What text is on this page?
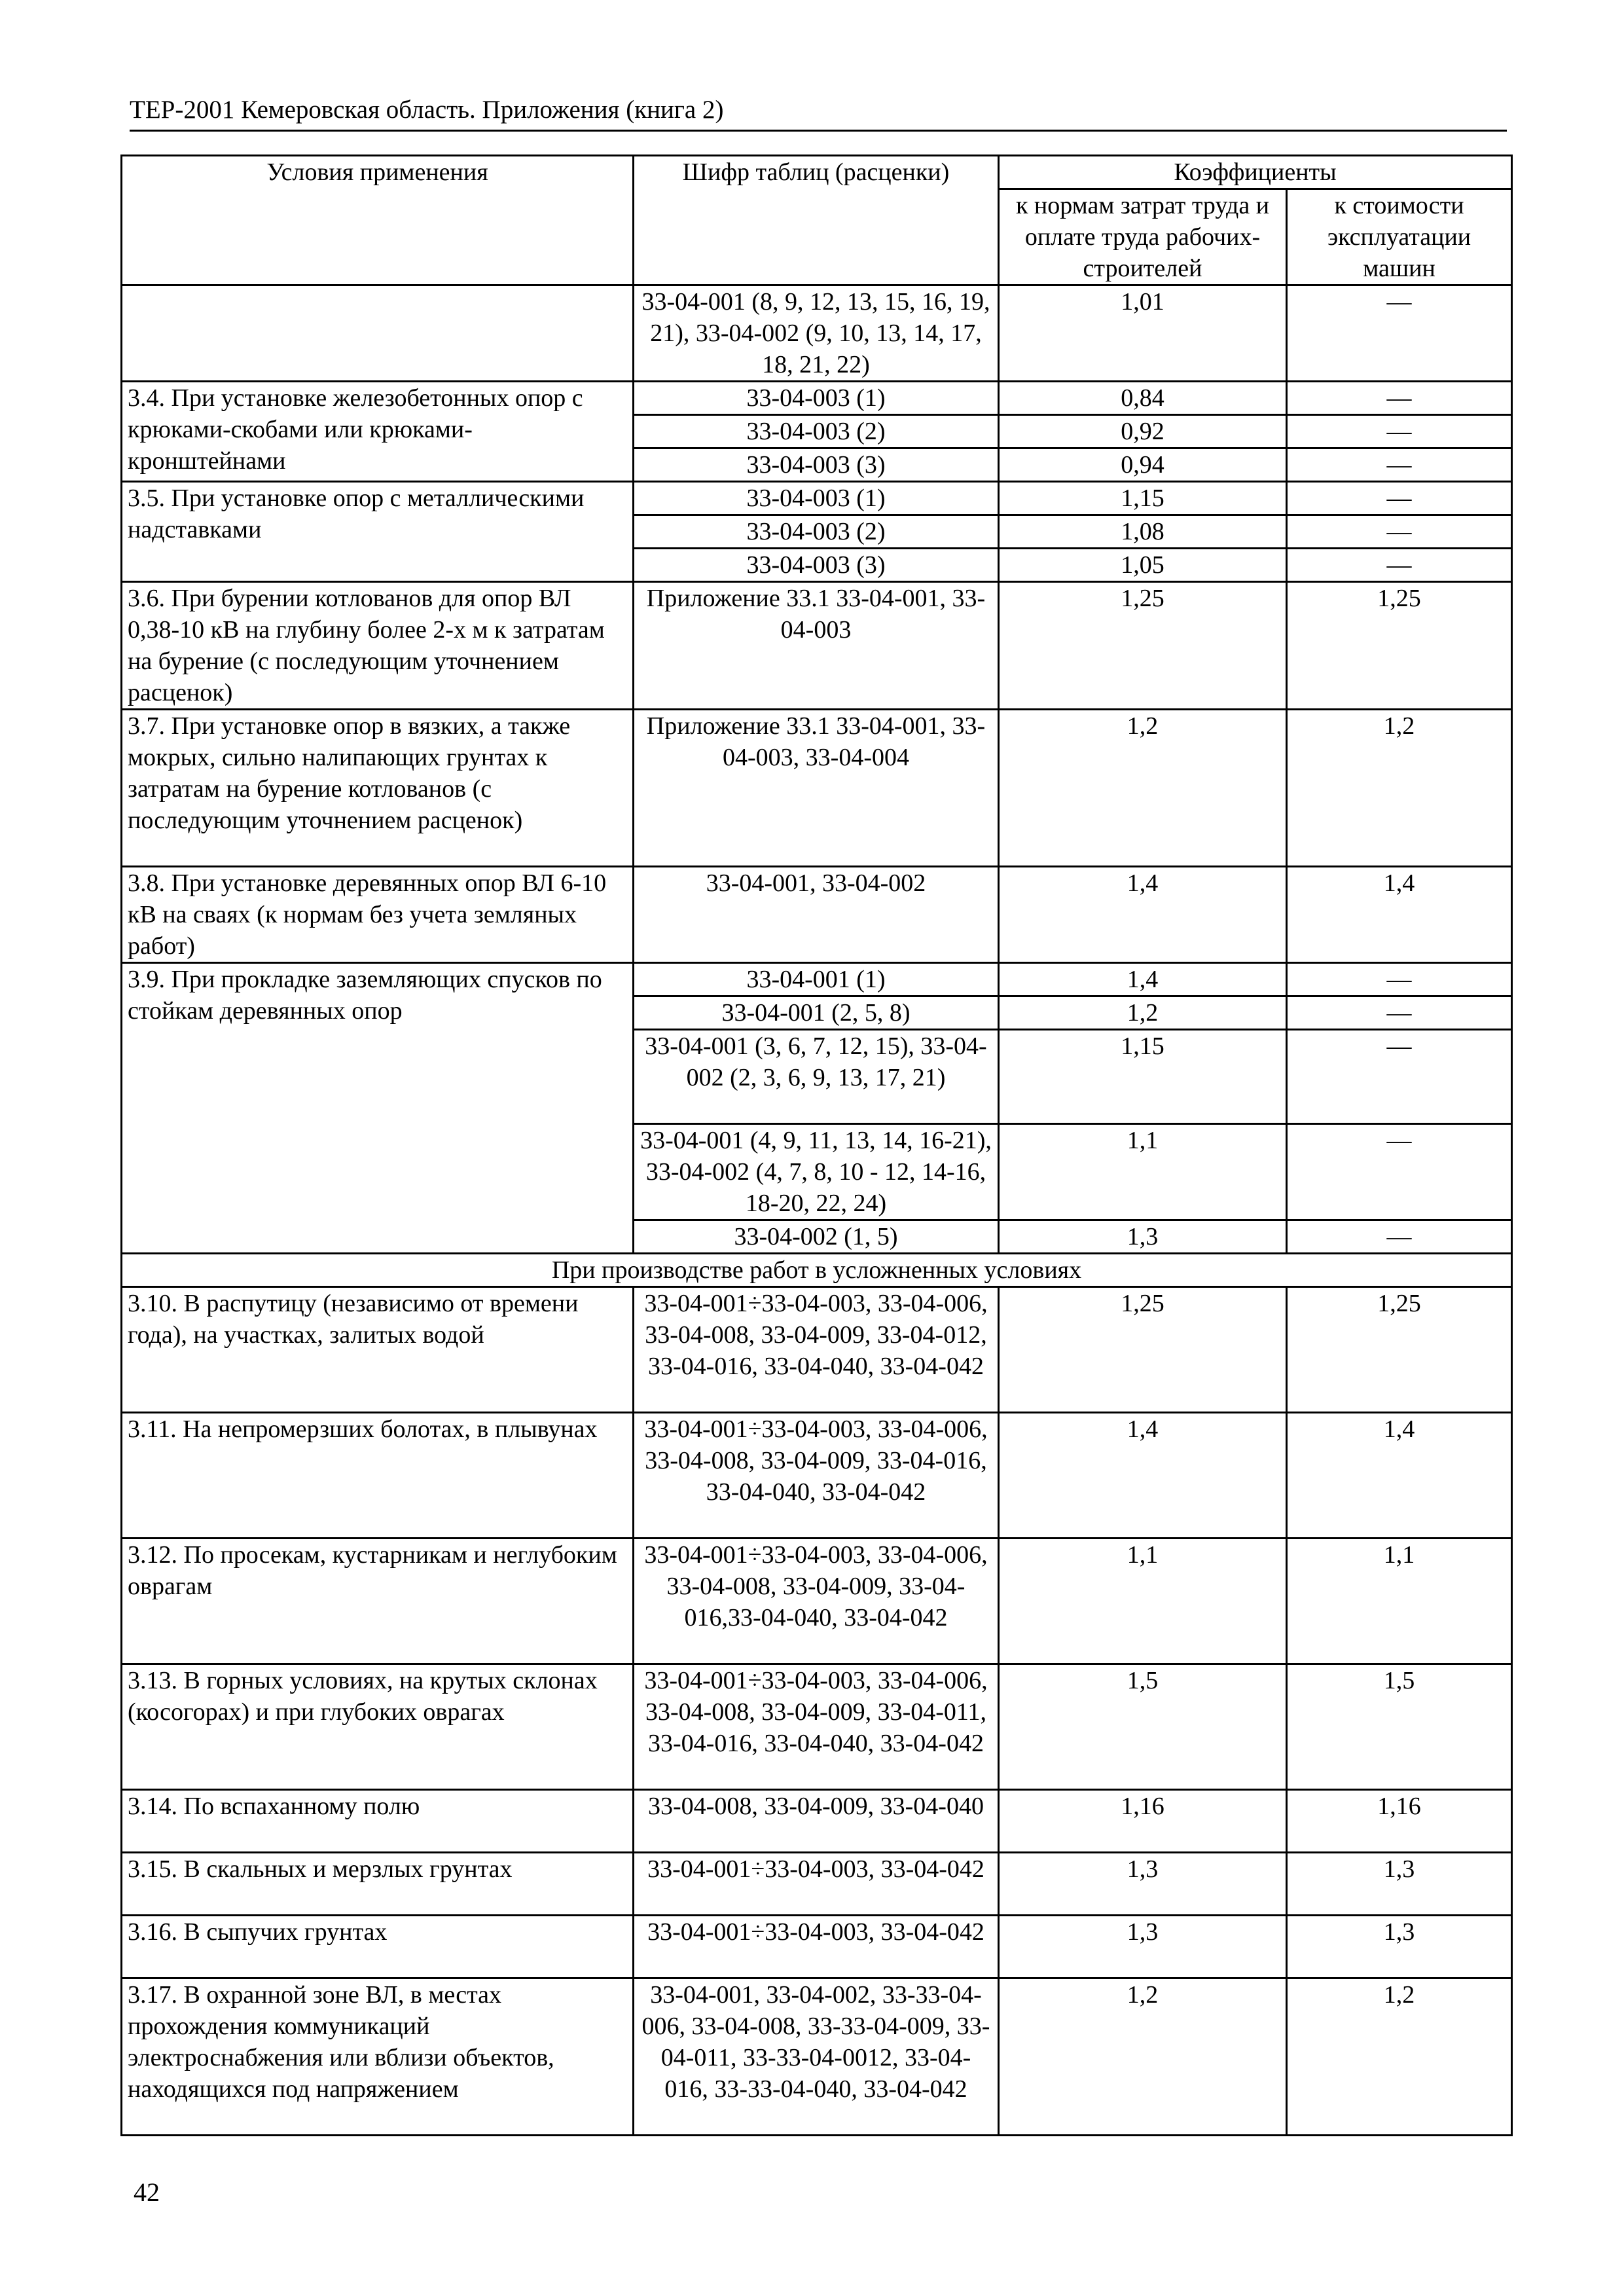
ТЕР-2001 Кемеровская область. Приложения (книга 2)
Условия применения	Шифр таблиц (расценки)	Коэффициенты	
		к нормам затрат труда и оплате труда рабочих-строителей	к стоимости эксплуатации машин
	33-04-001 (8, 9, 12, 13, 15, 16, 19, 21), 33-04-002 (9, 10, 13, 14, 17, 18, 21, 22)	1,01	—
3.4. При установке железобетонных опор с крюками-скобами или крюками-кронштейнами	33-04-003 (1)	0,84	—
	33-04-003 (2)	0,92	—
	33-04-003 (3)	0,94	—
3.5. При установке опор с металлическими надставками	33-04-003 (1)	1,15	—
	33-04-003 (2)	1,08	—
	33-04-003 (3)	1,05	—
3.6. При бурении котлованов для опор ВЛ 0,38-10 кВ на глубину более 2-х м к затратам на бурение (с последующим уточнением расценок)	Приложение 33.1 33-04-001, 33-04-003	1,25	1,25
3.7. При установке опор в вязких, а также мокрых, сильно налипающих грунтах к затратам на бурение котлованов (с последующим уточнением расценок)	Приложение 33.1 33-04-001, 33-04-003, 33-04-004	1,2	1,2
3.8. При установке деревянных опор ВЛ 6-10 кВ на сваях (к нормам без учета земляных работ)	33-04-001, 33-04-002	1,4	1,4
3.9. При прокладке заземляющих спусков по стойкам деревянных опор	33-04-001 (1)	1,4	—
	33-04-001 (2, 5, 8)	1,2	—
	33-04-001 (3, 6, 7, 12, 15), 33-04-002 (2, 3, 6, 9, 13, 17, 21)	1,15	—
	33-04-001 (4, 9, 11, 13, 14, 16-21), 33-04-002 (4, 7, 8, 10 - 12, 14-16, 18-20, 22, 24)	1,1	—
	33-04-002 (1, 5)	1,3	—
При производстве работ в усложненных условиях			
3.10. В распутицу (независимо от времени года), на участках, залитых водой	33-04-001÷33-04-003, 33-04-006, 33-04-008, 33-04-009, 33-04-012, 33-04-016, 33-04-040, 33-04-042	1,25	1,25
3.11. На непромерзших болотах, в плывунах	33-04-001÷33-04-003, 33-04-006, 33-04-008, 33-04-009, 33-04-016, 33-04-040, 33-04-042	1,4	1,4
3.12. По просекам, кустарникам и неглубоким оврагам	33-04-001÷33-04-003, 33-04-006, 33-04-008, 33-04-009, 33-04-016,33-04-040, 33-04-042	1,1	1,1
3.13. В горных условиях, на крутых склонах (косогорах) и при глубоких оврагах	33-04-001÷33-04-003, 33-04-006, 33-04-008, 33-04-009, 33-04-011, 33-04-016, 33-04-040, 33-04-042	1,5	1,5
3.14. По вспаханному полю	33-04-008, 33-04-009, 33-04-040	1,16	1,16
3.15. В скальных и мерзлых грунтах	33-04-001÷33-04-003, 33-04-042	1,3	1,3
3.16. В сыпучих грунтах	33-04-001÷33-04-003, 33-04-042	1,3	1,3
3.17. В охранной зоне ВЛ, в местах прохождения коммуникаций электроснабжения или вблизи объектов, находящихся под напряжением	33-04-001, 33-04-002, 33-33-04-006, 33-04-008, 33-33-04-009, 33-04-011, 33-33-04-0012, 33-04-016, 33-33-04-040, 33-04-042	1,2	1,2
42
